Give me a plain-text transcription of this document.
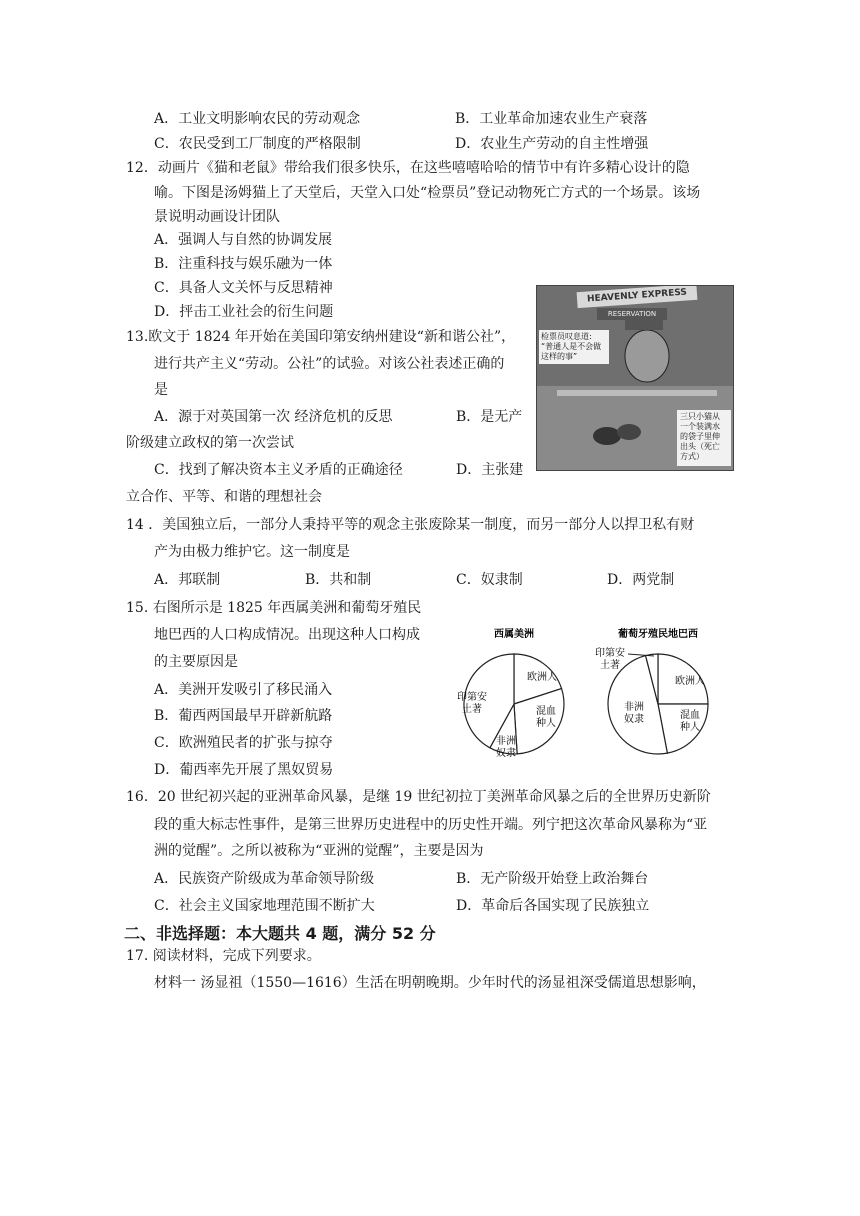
A．工业文明影响农民的劳动观念	B．工业革命加速农业生产衰落
C．农民受到工厂制度的严格限制	D．农业生产劳动的自主性增强
12．动画片《猫和老鼠》带给我们很多快乐，在这些嘻嘻哈哈的情节中有许多精心设计的隐
喻。下图是汤姆猫上了天堂后，天堂入口处“检票员”登记动物死亡方式的一个场景。该场
景说明动画设计团队
A．强调人与自然的协调发展
B．注重科技与娱乐融为一体
C．具备人文关怀与反思精神
D．抨击工业社会的衍生问题
HEAVENLY EXPRESS
RESERVATION
检票员叹息道:
“普通人是不会做
这样的事”
三只小猫从
一个装满水
的袋子里伸
出头（死亡
方式）
13.欧文于 1824 年开始在美国印第安纳州建设“新和谐公社”，
进行共产主义“劳动。公社”的试验。对该公社表述正确的
是
A．源于对英国第一次 经济危机的反思	B．是无产
阶级建立政权的第一次尝试
C．找到了解决资本主义矛盾的正确途径	D．主张建
立合作、平等、和谐的理想社会
14 ．美国独立后，一部分人秉持平等的观念主张废除某一制度，而另一部分人以捍卫私有财
产为由极力维护它。这一制度是
A．邦联制	B．共和制	C．奴隶制	D．两党制
15. 右图所示是 1825 年西属美洲和葡萄牙殖民
地巴西的人口构成情况。出现这种人口构成
的主要原因是
A．美洲开发吸引了移民涌入
B．葡西两国最早开辟新航路
C．欧洲殖民者的扩张与掠夺
D．葡西率先开展了黑奴贸易
西属美洲
欧洲人
混血种人
非洲奴隶
印第安土著
葡萄牙殖民地巴西
欧洲人
混血种人
非洲奴隶
印第安土著
16．20 世纪初兴起的亚洲革命风暴，是继 19 世纪初拉丁美洲革命风暴之后的全世界历史新阶
段的重大标志性事件，是第三世界历史进程中的历史性开端。列宁把这次革命风暴称为“亚
洲的觉醒”。之所以被称为“亚洲的觉醒”，主要是因为
A．民族资产阶级成为革命领导阶级	B．无产阶级开始登上政治舞台
C．社会主义国家地理范围不断扩大	D．革命后各国实现了民族独立
二、非选择题：本大题共 4 题，满分 52 分
17. 阅读材料，完成下列要求。
材料一 汤显祖（1550—1616）生活在明朝晚期。少年时代的汤显祖深受儒道思想影响，
